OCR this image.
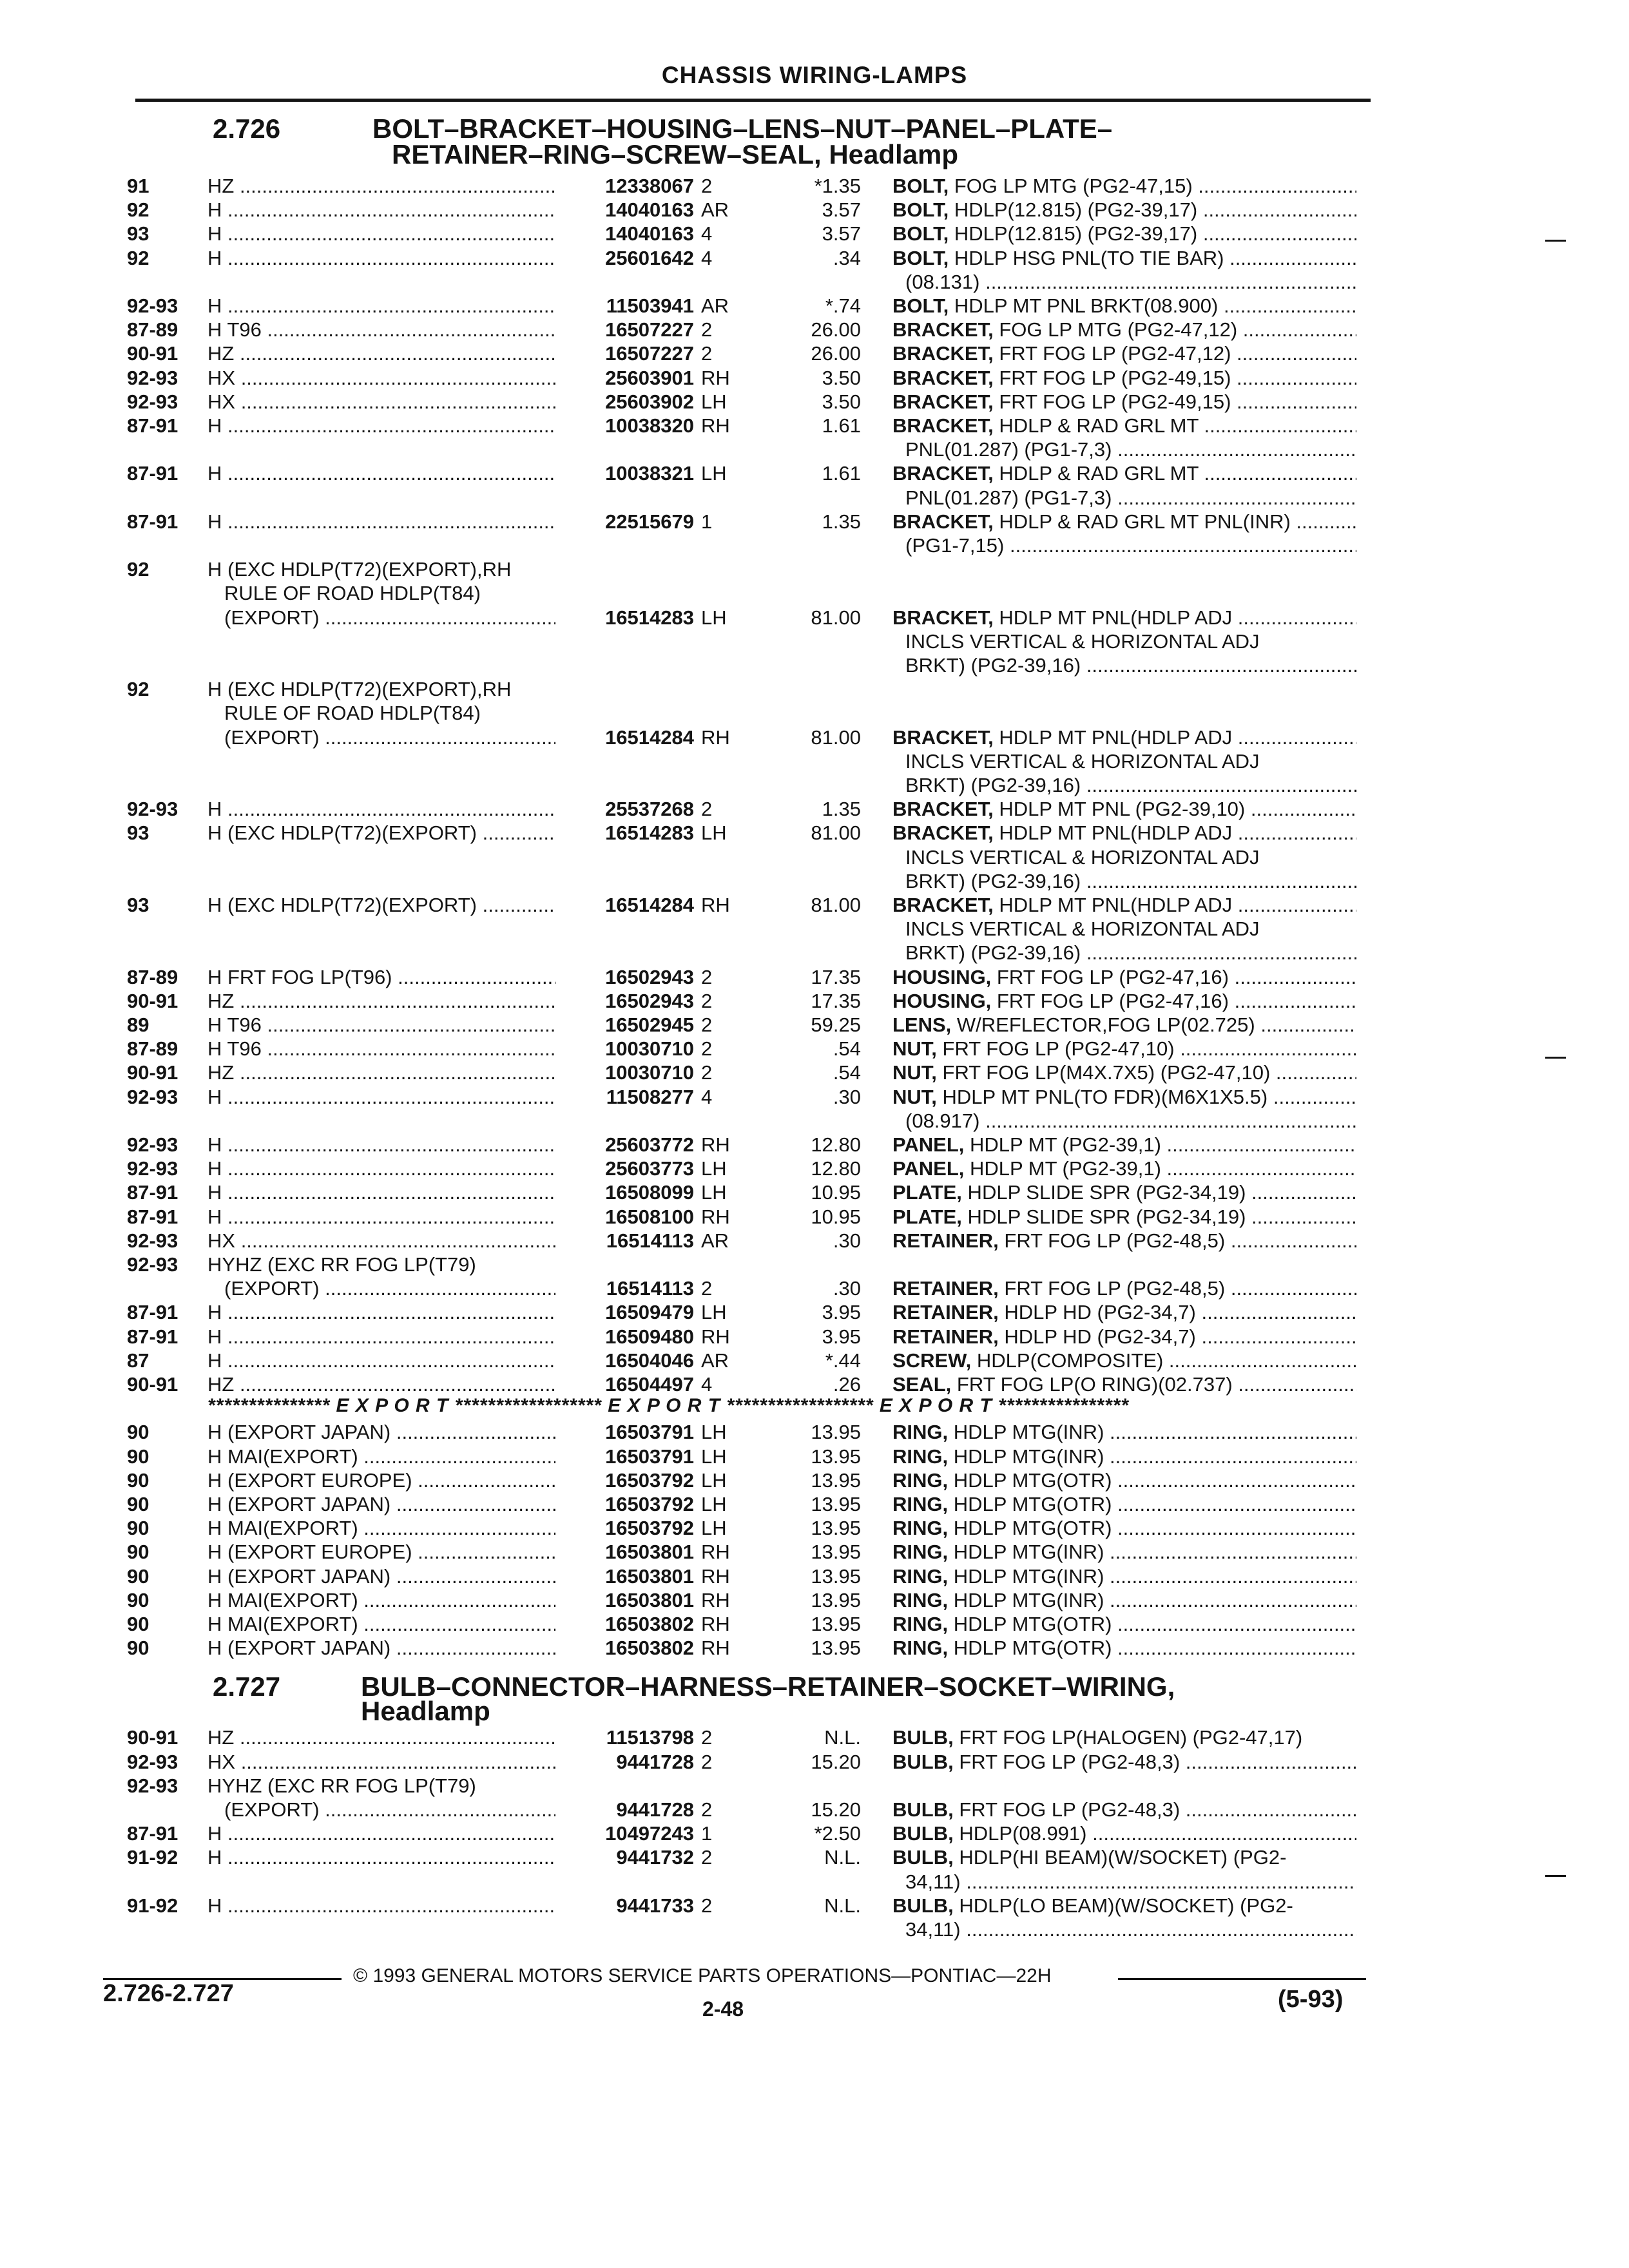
CHASSIS WIRING-LAMPS
2.726	BOLT–BRACKET–HOUSING–LENS–NUT–PANEL–PLATE–
RETAINER–RING–SCREW–SEAL, Headlamp
91	HZ .....	12338067 2	*1.35 BOLT, FOG LP MTG (PG2-47,15) .....
92	H .....	14040163 AR	3.57 BOLT, HDLP(12.815) (PG2-39,17) .....
93	H .....	14040163 4	3.57 BOLT, HDLP(12.815) (PG2-39,17) .....
92	H .....	25601642 4	.34 BOLT, HDLP HSG PNL(TO TIE BAR) .....
(08.131) .....
92-93 H .....	11503941 AR	*.74 BOLT, HDLP MT PNL BRKT(08.900) .....
87-89 H T96 .....	16507227 2	26.00 BRACKET, FOG LP MTG (PG2-47,12) .....
90-91 HZ .....	16507227 2	26.00 BRACKET, FRT FOG LP (PG2-47,12) .....
92-93 HX .....	25603901 RH	3.50 BRACKET, FRT FOG LP (PG2-49,15) .....
92-93 HX .....	25603902 LH	3.50 BRACKET, FRT FOG LP (PG2-49,15) .....
87-91 H .....	10038320 RH	1.61 BRACKET, HDLP & RAD GRL MT .....
PNL(01.287) (PG1-7,3) .....
87-91 H .....	10038321 LH	1.61 BRACKET, HDLP & RAD GRL MT .....
PNL(01.287) (PG1-7,3) .....
87-91 H .....	22515679 1	1.35 BRACKET, HDLP & RAD GRL MT PNL(INR) .....
(PG1-7,15) .....
92	H (EXC HDLP(T72)(EXPORT),RH
RULE OF ROAD HDLP(T84)
(EXPORT) .....	16514283 LH	81.00 BRACKET, HDLP MT PNL(HDLP ADJ .....
INCLS VERTICAL & HORIZONTAL ADJ
BRKT) (PG2-39,16) .....
92	H (EXC HDLP(T72)(EXPORT),RH
RULE OF ROAD HDLP(T84)
(EXPORT) .....	16514284 RH	81.00 BRACKET, HDLP MT PNL(HDLP ADJ .....
INCLS VERTICAL & HORIZONTAL ADJ
BRKT) (PG2-39,16) .....
92-93 H .....	25537268 2	1.35 BRACKET, HDLP MT PNL (PG2-39,10) .....
93	H (EXC HDLP(T72)(EXPORT) .....	16514283 LH	81.00 BRACKET, HDLP MT PNL(HDLP ADJ .....
INCLS VERTICAL & HORIZONTAL ADJ
BRKT) (PG2-39,16) .....
93	H (EXC HDLP(T72)(EXPORT) .....	16514284 RH	81.00 BRACKET, HDLP MT PNL(HDLP ADJ .....
INCLS VERTICAL & HORIZONTAL ADJ
BRKT) (PG2-39,16) .....
87-89 H FRT FOG LP(T96) .....	16502943 2	17.35 HOUSING, FRT FOG LP (PG2-47,16) .....
90-91 HZ .....	16502943 2	17.35 HOUSING, FRT FOG LP (PG2-47,16) .....
89	H T96 .....	16502945 2	59.25 LENS, W/REFLECTOR,FOG LP(02.725) .....
87-89 H T96 .....	10030710 2	.54 NUT, FRT FOG LP (PG2-47,10) .....
90-91 HZ .....	10030710 2	.54 NUT, FRT FOG LP(M4X.7X5) (PG2-47,10) .....
92-93 H .....	11508277 4	.30 NUT, HDLP MT PNL(TO FDR)(M6X1X5.5) .....
(08.917) .....
92-93 H .....	25603772 RH	12.80 PANEL, HDLP MT (PG2-39,1) .....
92-93 H .....	25603773 LH	12.80 PANEL, HDLP MT (PG2-39,1) .....
87-91 H .....	16508099 LH	10.95 PLATE, HDLP SLIDE SPR (PG2-34,19) .....
87-91 H .....	16508100 RH	10.95 PLATE, HDLP SLIDE SPR (PG2-34,19) .....
92-93 HX .....	16514113 AR	.30 RETAINER, FRT FOG LP (PG2-48,5) .....
92-93 HYHZ (EXC RR FOG LP(T79)
(EXPORT) .....	16514113 2	.30 RETAINER, FRT FOG LP (PG2-48,5) .....
87-91 H .....	16509479 LH	3.95 RETAINER, HDLP HD (PG2-34,7) .....
87-91 H .....	16509480 RH	3.95 RETAINER, HDLP HD (PG2-34,7) .....
87	H .....	16504046 AR	*.44 SCREW, HDLP(COMPOSITE) .....
90-91 HZ .....	16504497 4	.26 SEAL, FRT FOG LP(O RING)(02.737) .....
*************** E X P O R T ****************** E X P O R T ****************** E X P O R T ****************
90	H (EXPORT JAPAN) .....	16503791 LH	13.95 RING, HDLP MTG(INR) .....
90	H MAI(EXPORT) .....	16503791 LH	13.95 RING, HDLP MTG(INR) .....
90	H (EXPORT EUROPE) .....	16503792 LH	13.95 RING, HDLP MTG(OTR) .....
90	H (EXPORT JAPAN) .....	16503792 LH	13.95 RING, HDLP MTG(OTR) .....
90	H MAI(EXPORT) .....	16503792 LH	13.95 RING, HDLP MTG(OTR) .....
90	H (EXPORT EUROPE) .....	16503801 RH	13.95 RING, HDLP MTG(INR) .....
90	H (EXPORT JAPAN) .....	16503801 RH	13.95 RING, HDLP MTG(INR) .....
90	H MAI(EXPORT) .....	16503801 RH	13.95 RING, HDLP MTG(INR) .....
90	H MAI(EXPORT) .....	16503802 RH	13.95 RING, HDLP MTG(OTR) .....
90	H (EXPORT JAPAN) .....	16503802 RH	13.95 RING, HDLP MTG(OTR) .....
2.727	BULB–CONNECTOR–HARNESS–RETAINER–SOCKET–WIRING,
Headlamp
90-91 HZ .....	11513798 2	N.L. BULB, FRT FOG LP(HALOGEN) (PG2-47,17)
92-93 HX .....	9441728 2	15.20 BULB, FRT FOG LP (PG2-48,3) .....
92-93 HYHZ (EXC RR FOG LP(T79)
(EXPORT) .....	9441728 2	15.20 BULB, FRT FOG LP (PG2-48,3) .....
87-91 H .....	10497243 1	*2.50 BULB, HDLP(08.991) .....
91-92 H .....	9441732 2	N.L. BULB, HDLP(HI BEAM)(W/SOCKET) (PG2-
34,11) .....
91-92 H .....	9441733 2	N.L. BULB, HDLP(LO BEAM)(W/SOCKET) (PG2-
34,11) .....
© 1993 GENERAL MOTORS SERVICE PARTS OPERATIONS—PONTIAC—22H
2.726-2.727
2-48	(5-93)
